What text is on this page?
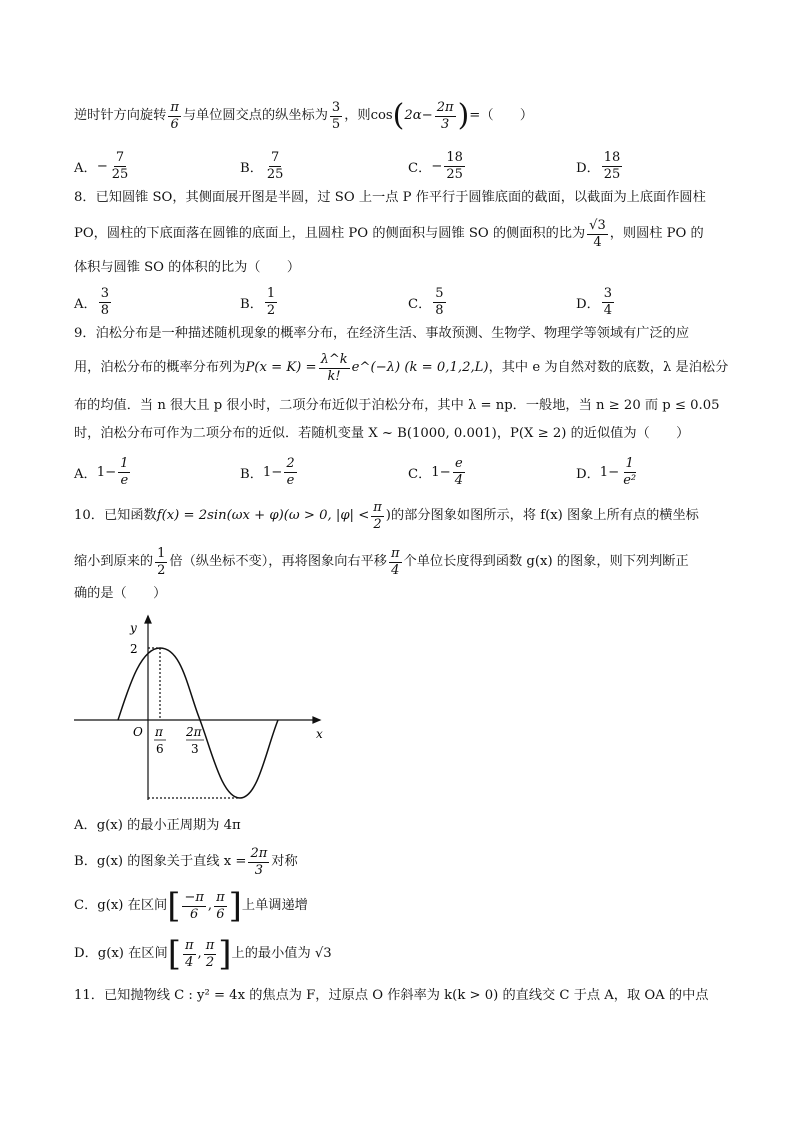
逆时针方向旋转 $\frac{\pi}{6}$ 与单位圆交点的纵坐标为 $\frac{3}{5}$ ，则 cos ( $2\alpha- \frac{2\pi}{3}$ ) =（　　）
A． − $\frac{7}{25}$	B． $\frac{7}{25}$	C． − $\frac{18}{25}$	D． $\frac{18}{25}$
8．已知圆锥 SO，其侧面展开图是半圆，过 SO 上一点 P 作平行于圆锥底面的截面，以截面为上底面作圆柱
PO，圆柱的下底面落在圆锥的底面上，且圆柱 PO 的侧面积与圆锥 SO 的侧面积的比为 $\frac{√3}{4}$ ，则圆柱 PO 的
体积与圆锥 SO 的体积的比为（　　）
A． $\frac{3}{8}$	B． $\frac{1}{2}$	C． $\frac{5}{8}$	D． $\frac{3}{4}$
9．泊松分布是一种描述随机现象的概率分布，在经济生活、事故预测、生物学、物理学等领域有广泛的应
用，泊松分布的概率分布列为 $P(x = K) = \frac{\lambda\^{}k}{k!}$ e^(−λ) (k = 0,1,2,L) ，其中 e 为自然对数的底数，λ 是泊松分
布的均值．当 n 很大且 p 很小时，二项分布近似于泊松分布，其中 λ = np．一般地，当 n ≥ 20 而 p ≤ 0.05
时，泊松分布可作为二项分布的近似．若随机变量 X ~ B(1000, 0.001)，P(X ≥ 2) 的近似值为（　　）
A． $1- \frac{1}{e}$	B． $1- \frac{2}{e}$	C． $1- \frac{e}{4}$	D． $1- \frac{1}{\text{e²}}$
10．已知函数 f(x) = 2sin(ωx + φ)(ω > 0, $|\varphi| < \frac{\pi}{2}$ )的部分图象如图所示，将 f(x) 图象上所有点的横坐标
缩小到原来的 $\frac{1}{2}$ 倍（纵坐标不变），再将图象向右平移 $\frac{\pi}{4}$ 个单位长度得到函数 g(x) 的图象，则下列判断正
确的是（　　）
y
x
O
2
π
6
2π
3
A．g(x) 的最小正周期为 4π
B．g(x) 的图象关于直线 $x = \frac{2\pi}{3}$ 对称
C．g(x) 在区间 [ $\frac{-\pi}{6}$ , $\frac{\pi}{6}$ ] 上单调递增
D．g(x) 在区间 [ $\frac{\pi}{4}$ , $\frac{\pi}{2}$ ] 上的最小值为 √3
11．已知抛物线 C : y² = 4x 的焦点为 F，过原点 O 作斜率为 k(k > 0) 的直线交 C 于点 A，取 OA 的中点
